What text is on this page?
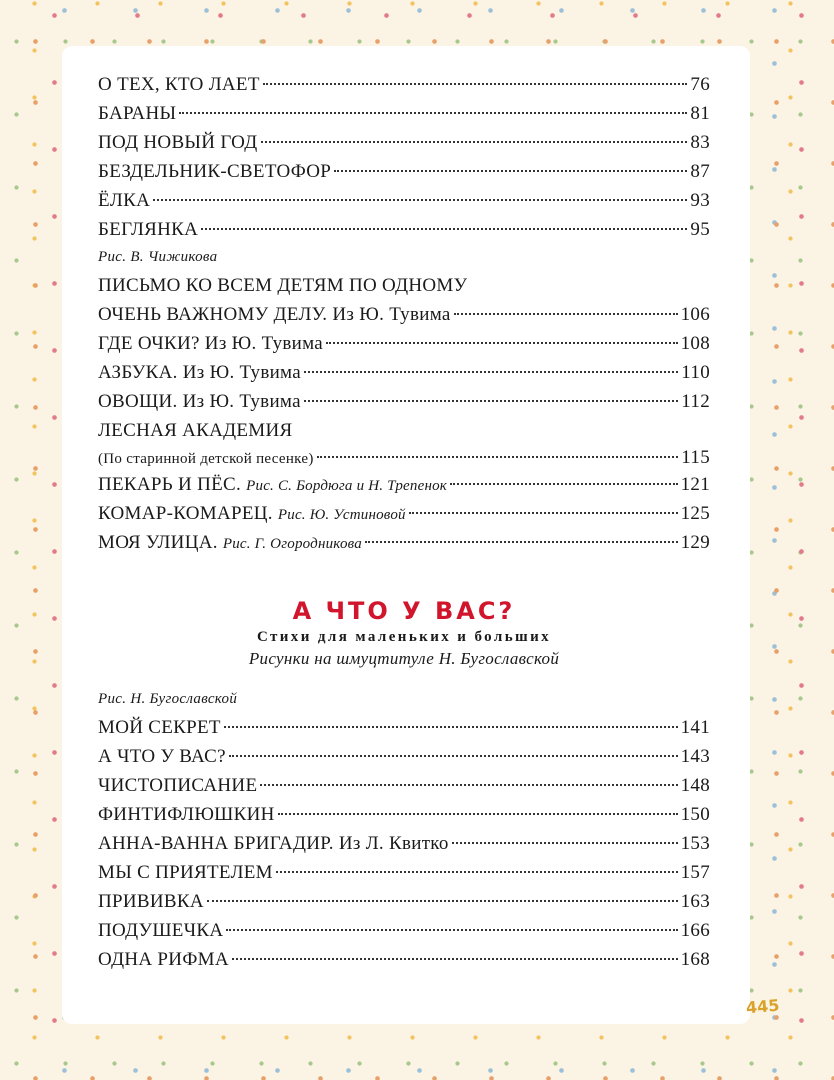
О ТЕХ, КТО ЛАЕТ	76
БАРАНЫ	81
ПОД НОВЫЙ ГОД	83
БЕЗДЕЛЬНИК-СВЕТОФОР	87
ЁЛКА	93
БЕГЛЯНКА	95
Рис. В. Чижикова
ПИСЬМО КО ВСЕМ ДЕТЯМ ПО ОДНОМУ
ОЧЕНЬ ВАЖНОМУ ДЕЛУ. Из Ю. Тувима	106
ГДЕ ОЧКИ? Из Ю. Тувима	108
АЗБУКА. Из Ю. Тувима	110
ОВОЩИ. Из Ю. Тувима	112
ЛЕСНАЯ АКАДЕМИЯ
(По старинной детской песенке)	115
ПЕКАРЬ И ПЁС. Рис. С. Бордюга и Н. Трепенок	121
КОМАР-КОМАРЕЦ. Рис. Ю. Устиновой	125
МОЯ УЛИЦА. Рис. Г. Огородникова	129
А ЧТО У ВАС?
Стихи для маленьких и больших
Рисунки на шмуцтитуле Н. Бугославской
Рис. Н. Бугославской
МОЙ СЕКРЕТ	141
А ЧТО У ВАС?	143
ЧИСТОПИСАНИЕ	148
ФИНТИФЛЮШКИН	150
АННА-ВАННА БРИГАДИР. Из Л. Квитко	153
МЫ С ПРИЯТЕЛЕМ	157
ПРИВИВКА	163
ПОДУШЕЧКА	166
ОДНА РИФМА	168
445
